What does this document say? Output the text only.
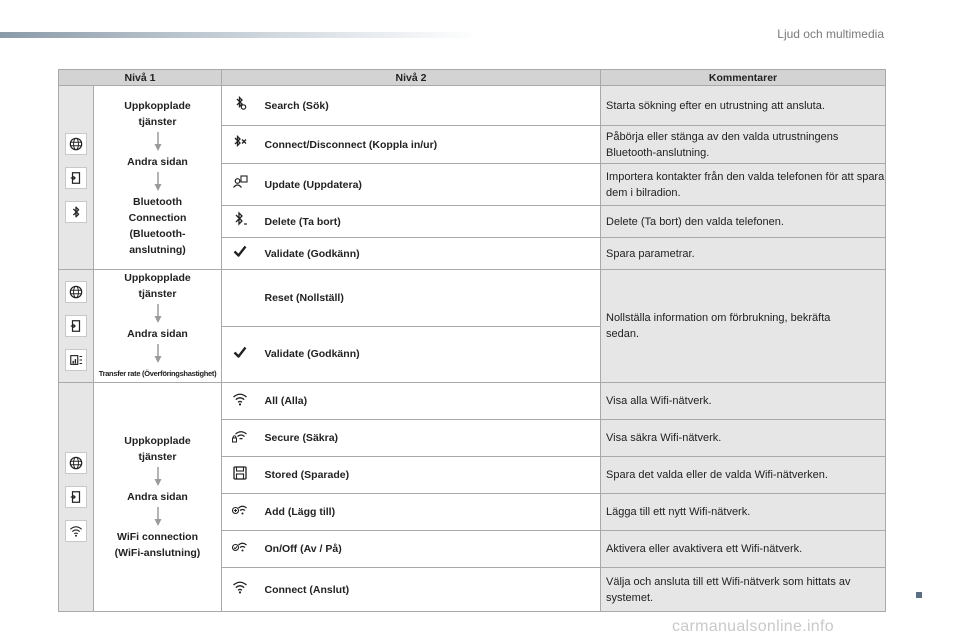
Ljud och multimedia
Nivå 1		Nivå 2		Kommentarer

Uppkopplade tjänster
Andra sidan
Bluetooth Connection (Bluetooth-anslutning)		Search (Sök)	Starta sökning efter en utrustning att ansluta.
	Connect/Disconnect (Koppla in/ur)	Påbörja eller stänga av den valda utrustningens Bluetooth-anslutning.
	Update (Uppdatera)	Importera kontakter från den valda telefonen för att spara dem i bilradion.
	Delete (Ta bort)	Delete (Ta bort) den valda telefonen.
	Validate (Godkänn)	Spara parametrar.

Uppkopplade tjänster
Andra sidan
Transfer rate (Överföringshastighet)		Reset (Nollställ)	Nollställa information om förbrukning, bekräfta sedan.
	Validate (Godkänn)	

Uppkopplade tjänster
Andra sidan
WiFi connection (WiFi-anslutning)		All (Alla)	Visa alla Wifi-nätverk.
	Secure (Säkra)	Visa säkra Wifi-nätverk.
	Stored (Sparade)	Spara det valda eller de valda Wifi-nätverken.
	Add (Lägg till)	Lägga till ett nytt Wifi-nätverk.
	On/Off (Av / På)	Aktivera eller avaktivera ett Wifi-nätverk.
	Connect (Anslut)	Välja och ansluta till ett Wifi-nätverk som hittats av systemet.
carmanualsonline.info
